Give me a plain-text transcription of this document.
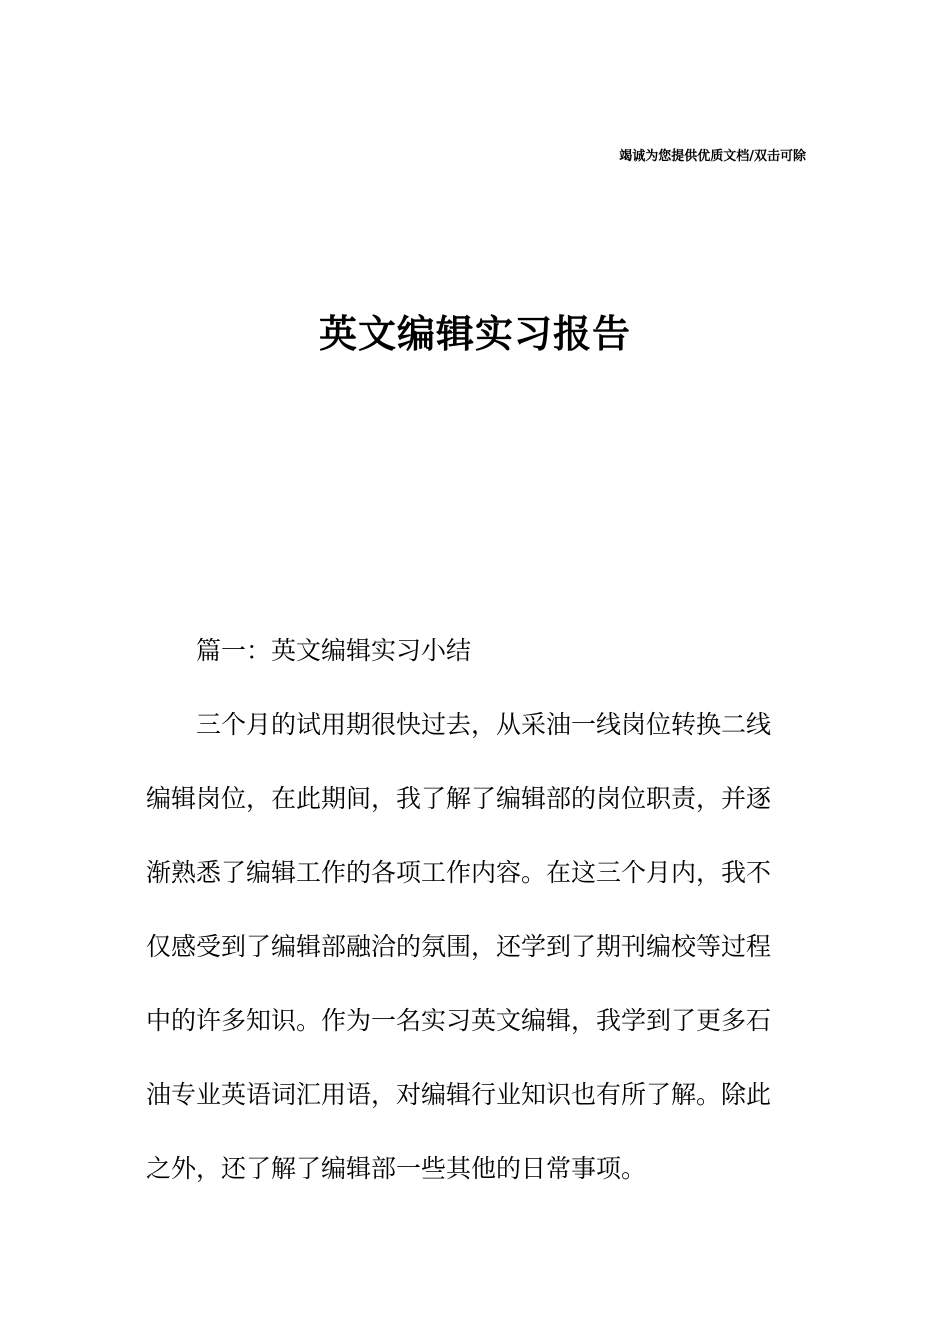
竭诚为您提供优质文档/双击可除
英文编辑实习报告

篇一：英文编辑实习小结

三个月的试用期很快过去，从采油一线岗位转换二线

编辑岗位，在此期间，我了解了编辑部的岗位职责，并逐

渐熟悉了编辑工作的各项工作内容。在这三个月内，我不

仅感受到了编辑部融洽的氛围，还学到了期刊编校等过程

中的许多知识。作为一名实习英文编辑，我学到了更多石

油专业英语词汇用语，对编辑行业知识也有所了解。除此

之外，还了解了编辑部一些其他的日常事项。
